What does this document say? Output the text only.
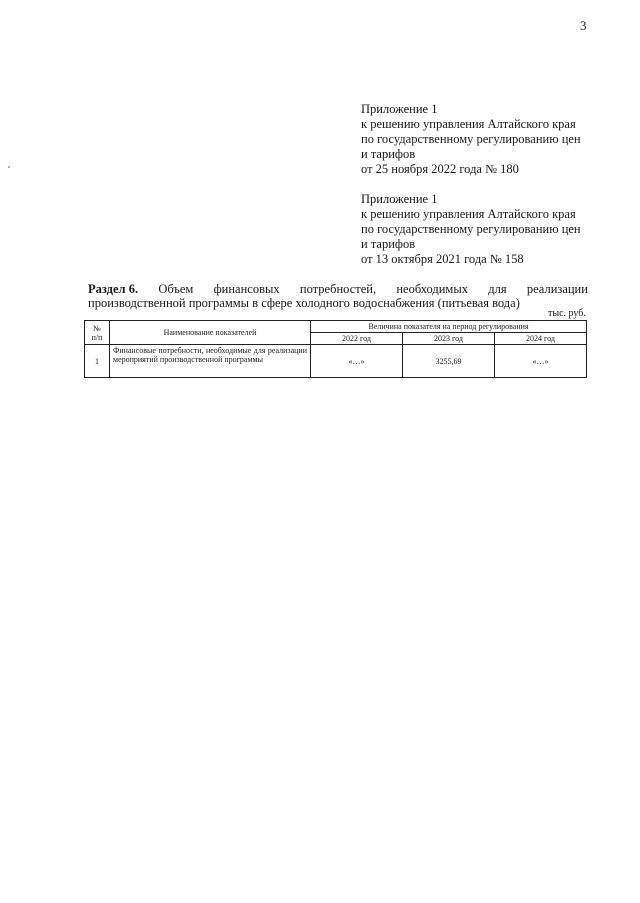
3
Приложение 1
к решению управления Алтайского края
по государственному регулированию цен
и тарифов
от 25 ноября 2022 года № 180
Приложение 1
к решению управления Алтайского края
по государственному регулированию цен
и тарифов
от 13 октября 2021 года № 158
Раздел 6. Объем финансовых потребностей, необходимых для реализации
производственной программы в сфере холодного водоснабжения (питьевая вода)
тыс. руб.
№
п/п	Наименование показателей	Величина показателя на период регулирования		
		2022 год	2023 год	2024 год
1	Финансовые потребности, необходимые для реализации мероприятий производственной программы	«…»	3255,69	«…»
